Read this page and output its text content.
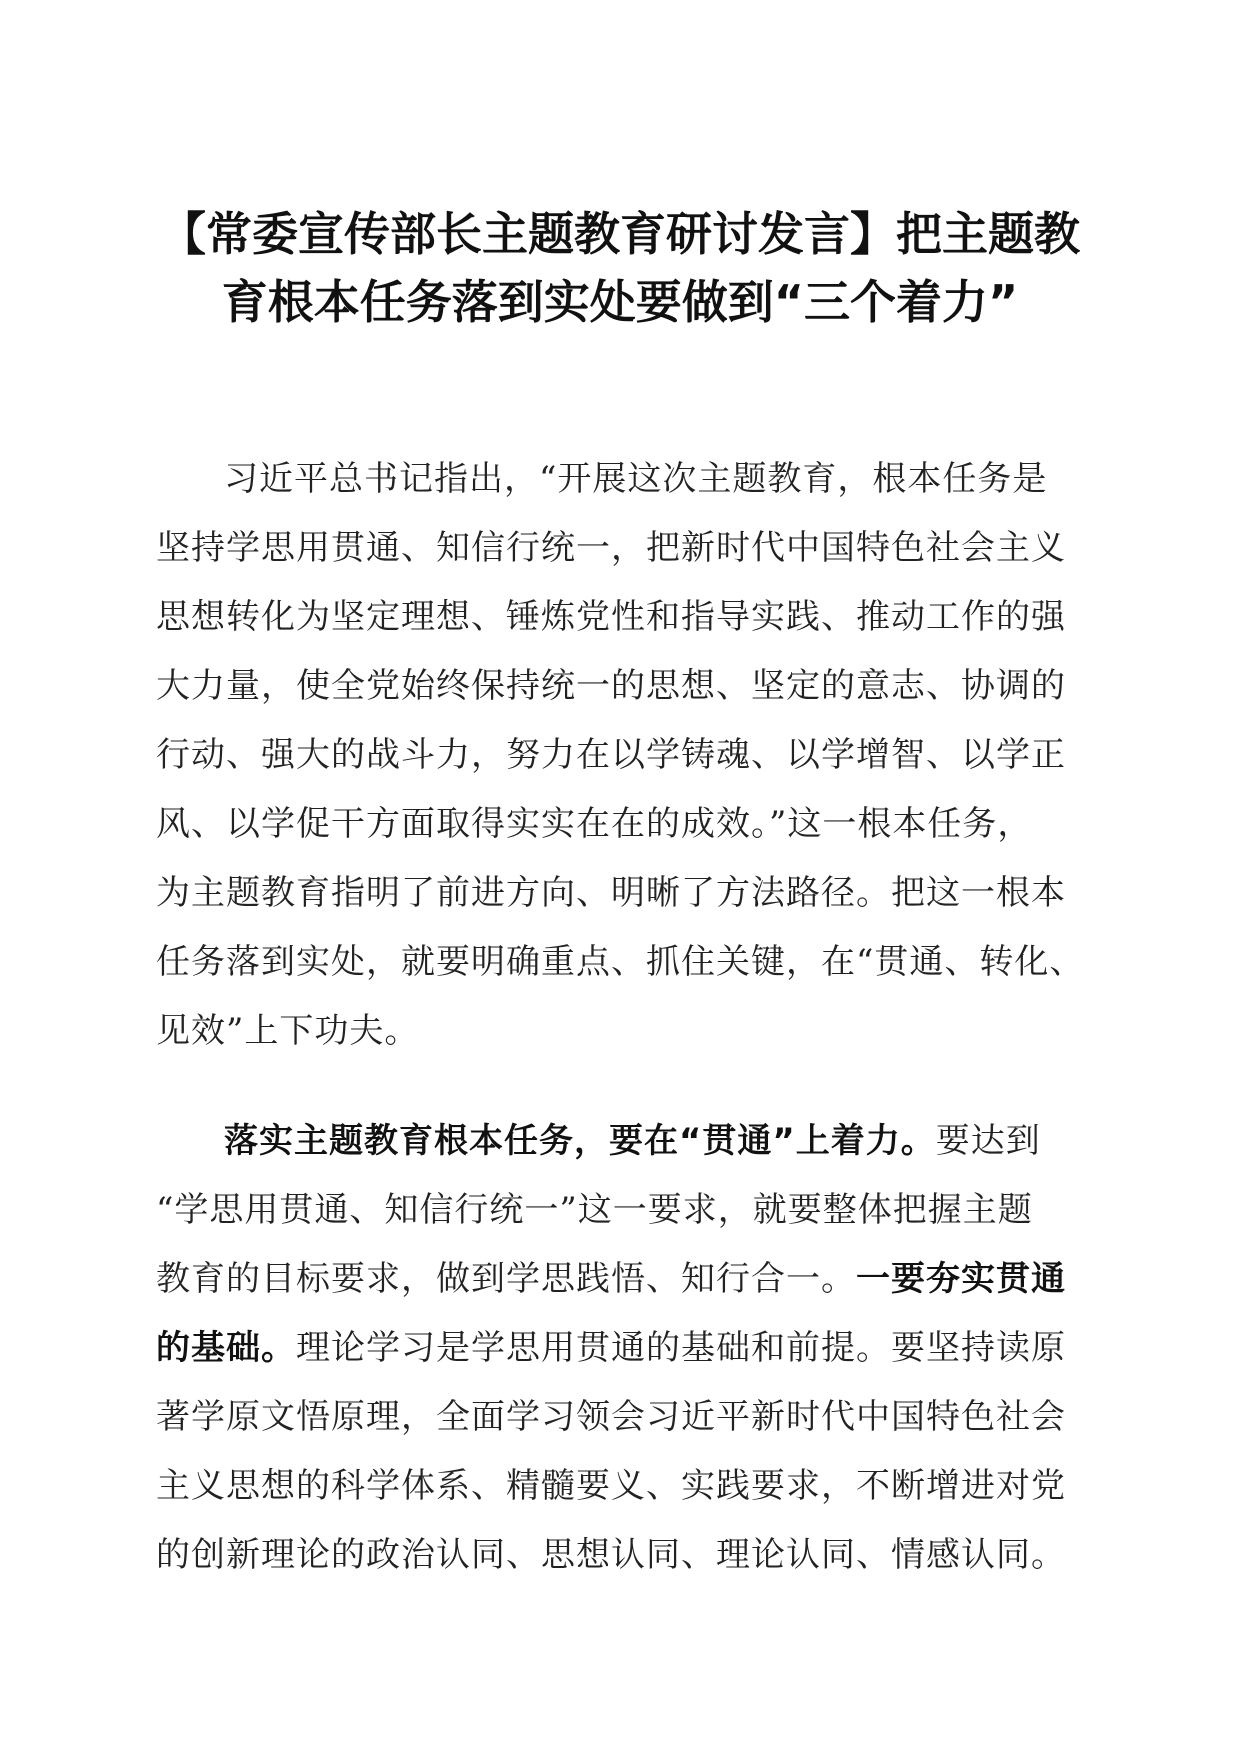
【常委宣传部长主题教育研讨发言】把主题教
育根本任务落到实处要做到“三个着力”
习近平总书记指出，“开展这次主题教育，根本任务是
坚持学思用贯通、知信行统一，把新时代中国特色社会主义
思想转化为坚定理想、锤炼党性和指导实践、推动工作的强
大力量，使全党始终保持统一的思想、坚定的意志、协调的
行动、强大的战斗力，努力在以学铸魂、以学增智、以学正
风、以学促干方面取得实实在在的成效。”这一根本任务，
为主题教育指明了前进方向、明晰了方法路径。把这一根本
任务落到实处，就要明确重点、抓住关键，在“贯通、转化、
见效”上下功夫。
落实主题教育根本任务，要在“贯通”上着力。要达到
“学思用贯通、知信行统一”这一要求，就要整体把握主题
教育的目标要求，做到学思践悟、知行合一。一要夯实贯通
的基础。理论学习是学思用贯通的基础和前提。要坚持读原
著学原文悟原理，全面学习领会习近平新时代中国特色社会
主义思想的科学体系、精髓要义、实践要求，不断增进对党
的创新理论的政治认同、思想认同、理论认同、情感认同。
